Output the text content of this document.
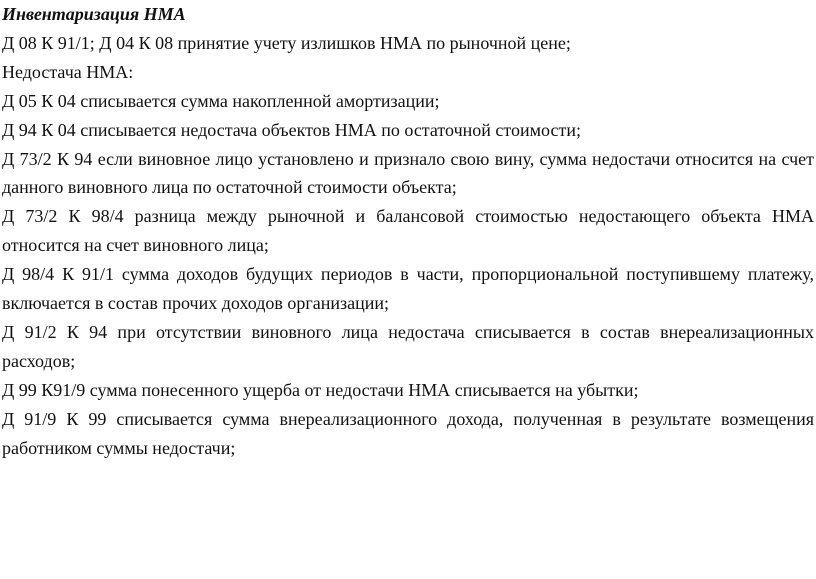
Инвентаризация НМА

Д 08 К 91/1; Д 04 К 08 принятие учету излишков НМА по рыночной цене;

Недостача НМА:

Д 05 К 04 списывается сумма накопленной амортизации;

Д 94 К 04 списывается недостача объектов НМА по остаточной стоимости;

Д 73/2 К 94 если виновное лицо установлено и признало свою вину, сумма недостачи относится на счет данного виновного лица по остаточной стоимости объекта;

Д 73/2 К 98/4 разница между рыночной и балансовой стоимостью недостающего объекта НМА относится на счет виновного лица;

Д 98/4 К 91/1 сумма доходов будущих периодов в части, пропорциональной поступившему платежу, включается в состав прочих доходов организации;

Д 91/2 К 94 при отсутствии виновного лица недостача списывается в состав внереализационных расходов;

Д 99 К91/9 сумма понесенного ущерба от недостачи НМА списывается на убытки;

Д 91/9 К 99 списывается сумма внереализационного дохода, полученная в результате возмещения работником суммы недостачи;
